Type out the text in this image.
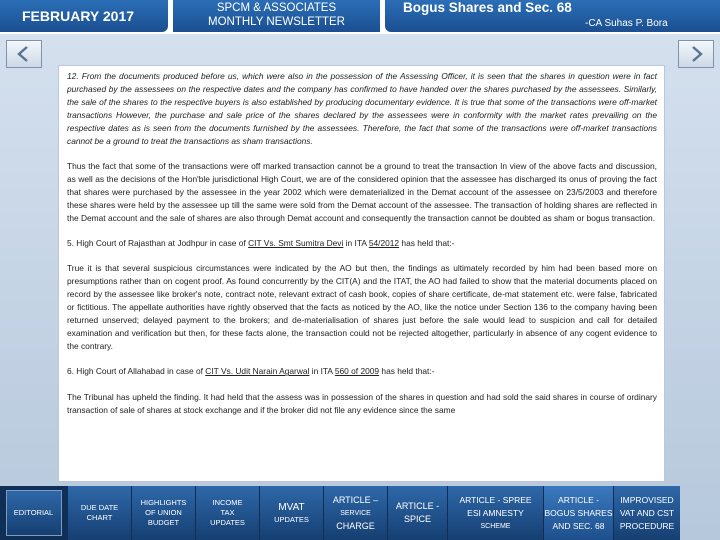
FEBRUARY 2017	SPCM & ASSOCIATES
MONTHLY NEWSLETTER
Bogus Shares and Sec. 68
-CA Suhas P. Bora

12. From the documents produced before us, which were also in the possession of the Assessing Officer, it is seen that the shares in question were in fact purchased by the assessees on the respective dates and the company has confirmed to have handed over the shares purchased by the assessees. Similarly, the sale of the shares to the respective buyers is also established by producing documentary evidence. It is true that some of the transactions were off-market transactions However, the purchase and sale price of the shares declared by the assessees were in conformity with the market rates prevailing on the respective dates as is seen from the documents furnished by the assessees. Therefore, the fact that some of the transactions were off-market transactions cannot be a ground to treat the transactions as sham transactions.

Thus the fact that some of the transactions were off marked transaction cannot be a ground to treat the transaction In view of the above facts and discussion, as well as the decisions of the Hon'ble jurisdictional High Court, we are of the considered opinion that the assessee has discharged its onus of proving the fact that shares were purchased by the assessee in the year 2002 which were dematerialized in the Demat account of the assessee on 23/5/2003 and therefore these shares were held by the assessee up till the same were sold from the Demat account of the assessee. The transaction of holding shares are reflected in the Demat account and the sale of shares are also through Demat account and consequently the transaction cannot be doubted as sham or bogus transaction.

5. High Court of Rajasthan at Jodhpur in case of CIT Vs. Smt Sumitra Devi in ITA 54/2012 has held that:-

True it is that several suspicious circumstances were indicated by the AO but then, the findings as ultimately recorded by him had been based more on presumptions rather than on cogent proof. As found concurrently by the CIT(A) and the ITAT, the AO had failed to show that the material documents placed on record by the assessee like broker's note, contract note, relevant extract of cash book, copies of share certificate, de-mat statement etc. were false, fabricated or fictitious. The appellate authorities have rightly observed that the facts as noticed by the AO, like the notice under Section 136 to the company having been returned unserved; delayed payment to the brokers; and de-materialisation of shares just before the sale would lead to suspicion and call for detailed examination and verification but then, for these facts alone, the transaction could not be rejected altogether, particularly in absence of any cogent evidence to the contrary.

6. High Court of Allahabad in case of CIT Vs. Udit Narain Agarwal in ITA 560 of 2009 has held that:-

The Tribunal has upheld the finding. It had held that the assess was in possession of the shares in question and had sold the said shares in course of ordinary transaction of sale of shares at stock exchange and if the broker did not file any evidence since the same

EDITORIAL
DUE DATE
CHART
HIGHLIGHTS
OF UNION
BUDGET
INCOME
TAX
UPDATES
MVAT
UPDATES
ARTICLE –
SERVICE
CHARGE
ARTICLE -
SPICE
ARTICLE - SPREE
ESI AMNESTY
SCHEME
ARTICLE -
BOGUS SHARES
AND SEC. 68
IMPROVISED
VAT AND CST
PROCEDURE
